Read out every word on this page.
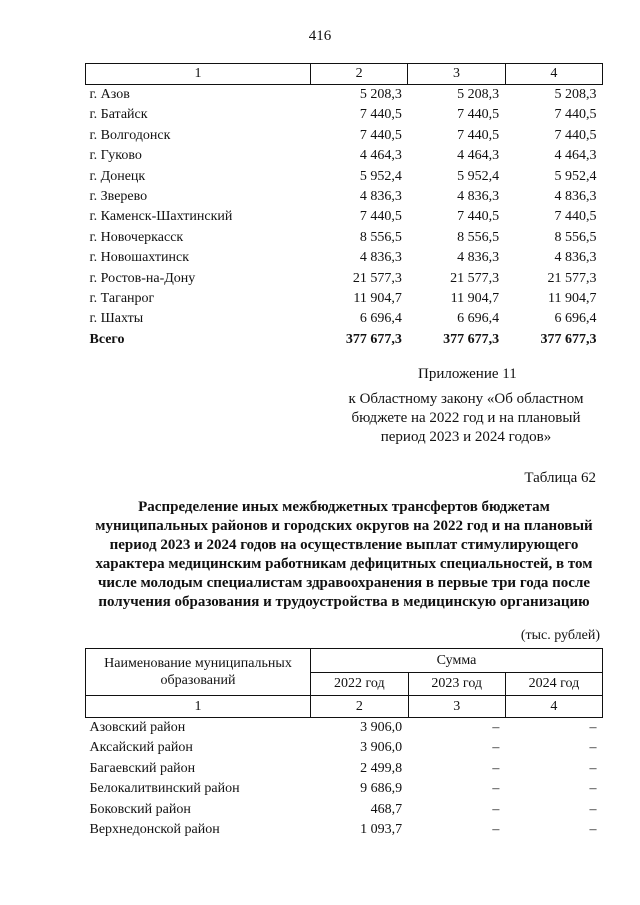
416
1	2	3	4
г. Азов	5 208,3	5 208,3	5 208,3
г. Батайск	7 440,5	7 440,5	7 440,5
г. Волгодонск	7 440,5	7 440,5	7 440,5
г. Гуково	4 464,3	4 464,3	4 464,3
г. Донецк	5 952,4	5 952,4	5 952,4
г. Зверево	4 836,3	4 836,3	4 836,3
г. Каменск-Шахтинский	7 440,5	7 440,5	7 440,5
г. Новочеркасск	8 556,5	8 556,5	8 556,5
г. Новошахтинск	4 836,3	4 836,3	4 836,3
г. Ростов-на-Дону	21 577,3	21 577,3	21 577,3
г. Таганрог	11 904,7	11 904,7	11 904,7
г. Шахты	6 696,4	6 696,4	6 696,4
Всего	377 677,3	377 677,3	377 677,3
Приложение 11
к Областному закону «Об областном бюджете на 2022 год и на плановый период 2023 и 2024 годов»
Таблица 62
Распределение иных межбюджетных трансфертов бюджетам муниципальных районов и городских округов на 2022 год и на плановый период 2023 и 2024 годов на осуществление выплат стимулирующего характера медицинским работникам дефицитных специальностей, в том числе молодым специалистам здравоохранения в первые три года после получения образования и трудоустройства в медицинскую организацию
(тыс. рублей)
Наименование муниципальных образований	Сумма		
	2022 год	2023 год	2024 год
1	2	3	4
Азовский район	3 906,0	–	–
Аксайский район	3 906,0	–	–
Багаевский район	2 499,8	–	–
Белокалитвинский район	9 686,9	–	–
Боковский район	468,7	–	–
Верхнедонской район	1 093,7	–	–
